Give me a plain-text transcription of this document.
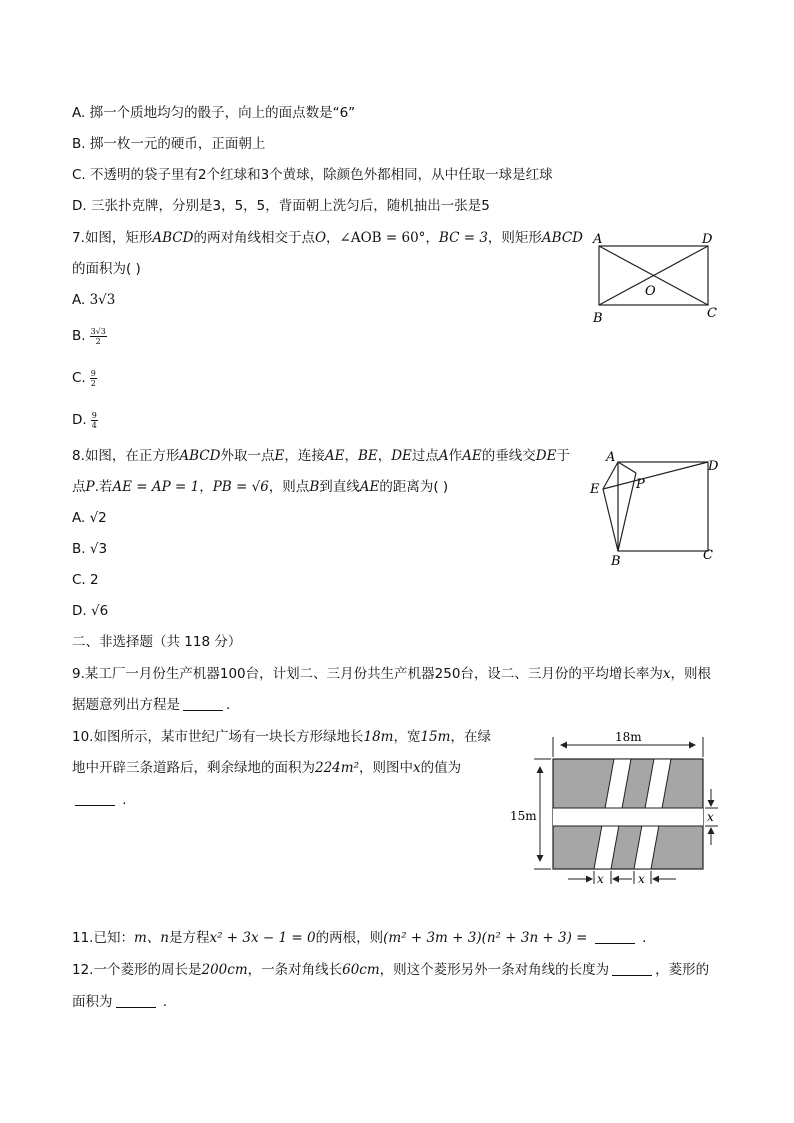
A. 掷一个质地均匀的骰子，向上的面点数是“6”
B. 掷一枚一元的硬币，正面朝上
C. 不透明的袋子里有2个红球和3个黄球，除颜色外都相同，从中任取一球是红球
D. 三张扑克牌，分别是3，5，5，背面朝上洗匀后，随机抽出一张是5
7.如图，矩形ABCD的两对角线相交于点O，∠AOB = 60°，BC = 3，则矩形ABCD
的面积为( )
A. 3√3
B. $\frac{3√3}{2}$
C. $\frac{9}{2}$
D. $\frac{9}{4}$
A	D
O
B	C
8.如图，在正方形ABCD外取一点E，连接AE，BE，DE过点A作AE的垂线交DE于
点P.若AE = AP = 1，PB = √6，则点B到直线AE的距离为( )
A. √2
B. √3
C. 2
D. √6
A
D
E	P
B	C
二、非选择题（共 118 分）
9.某工厂一月份生产机器100台，计划二、三月份共生产机器250台，设二、三月份的平均增长率为x，则根
据题意列出方程是	.
10.如图所示，某市世纪广场有一块长方形绿地长18m，宽15m，在绿
地中开辟三条道路后，剩余绿地的面积为224m²，则图中x的值为
.
18m
15m	x
x	x
11.已知：m、n是方程x² + 3x − 1 = 0的两根，则(m² + 3m + 3)(n² + 3n + 3) =	.
12.一个菱形的周长是200cm，一条对角线长60cm，则这个菱形另外一条对角线的长度为	，菱形的
面积为	.
